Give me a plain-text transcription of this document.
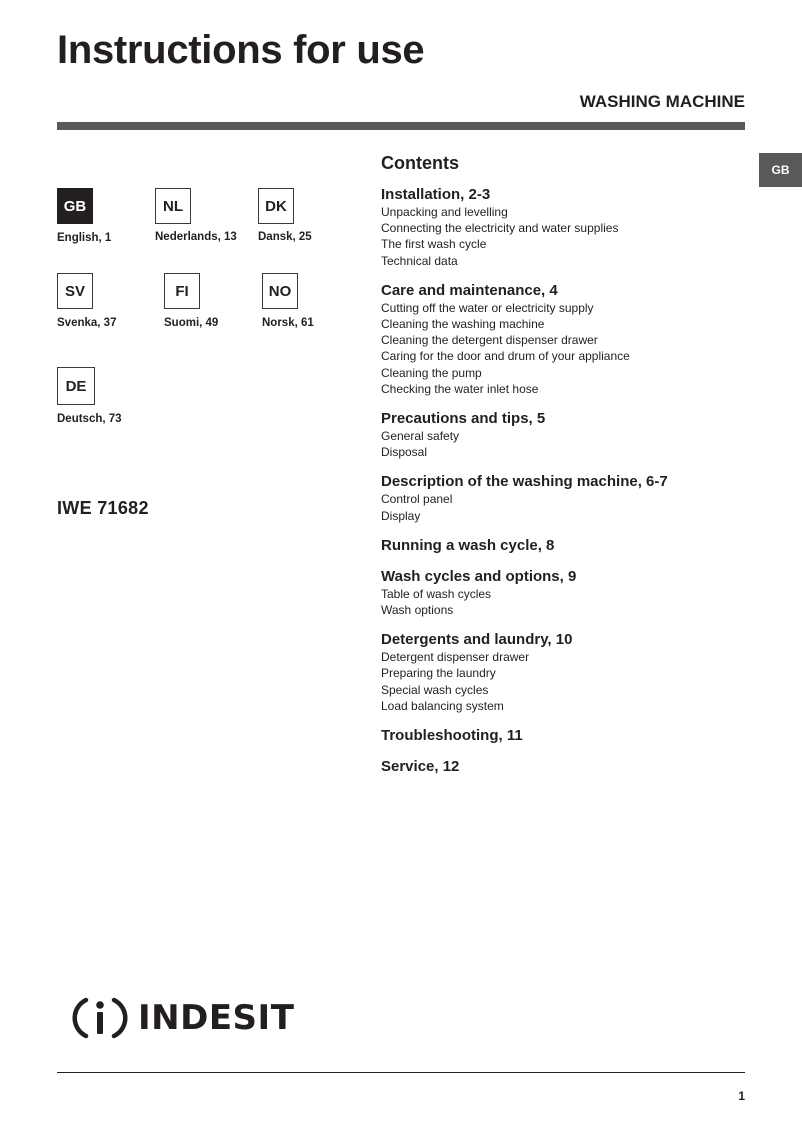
Instructions for use
WASHING MACHINE
GB
GB
English, 1
NL
Nederlands, 13
DK
Dansk, 25
SV
Svenka, 37
FI
Suomi, 49
NO
Norsk, 61
DE
Deutsch, 73
IWE 71682
Contents
Installation, 2-3
Unpacking and levelling
Connecting the electricity and water supplies
The first wash cycle
Technical data
Care and maintenance, 4
Cutting off the water or electricity supply
Cleaning the washing machine
Cleaning the detergent dispenser drawer
Caring for the door and drum of your appliance
Cleaning the pump
Checking the water inlet hose
Precautions and tips, 5
General safety
Disposal
Description of the washing machine, 6-7
Control panel
Display
Running a wash cycle, 8
Wash cycles and options, 9
Table of wash cycles
Wash options
Detergents and laundry, 10
Detergent dispenser drawer
Preparing the laundry
Special wash cycles
Load balancing system
Troubleshooting, 11
Service, 12
INDESIT
1
